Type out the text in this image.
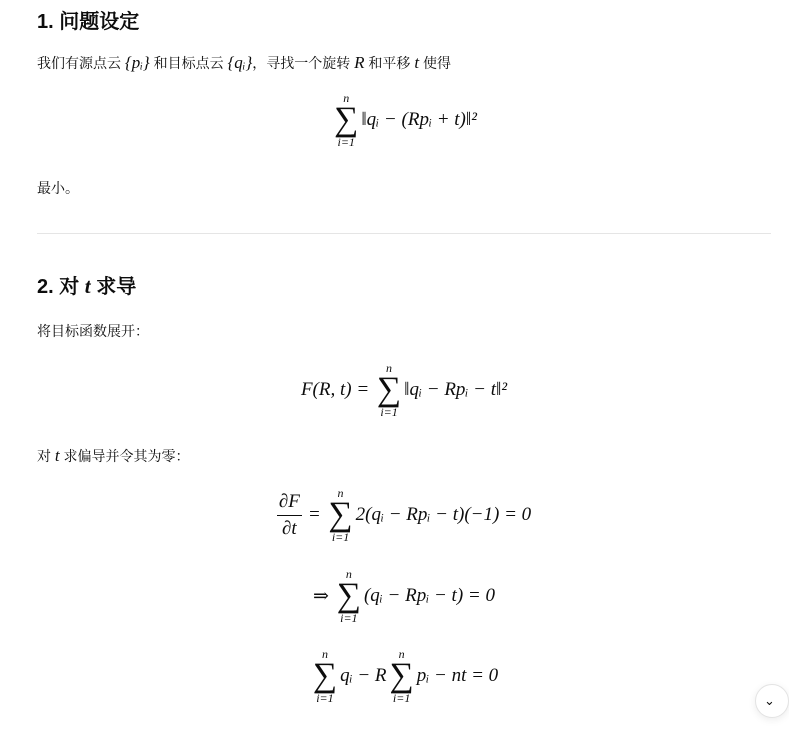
1. 问题设定
我们有源点云 {pᵢ} 和目标点云 {qᵢ}，寻找一个旋转 R 和平移 t 使得
n
∑
i=1
‖qᵢ − (Rpᵢ + t)‖²
最小。
2. 对 t 求导
将目标函数展开：
F(R, t) =
n
∑
i=1
‖qᵢ − Rpᵢ − t‖²
对 t 求偏导并令其为零：
$\frac{\partial F}{\partial t}$ =
n
∑
i=1
2(qᵢ − Rpᵢ − t)(−1) = 0
⇒
n
∑
i=1
(qᵢ − Rpᵢ − t) = 0
n
∑
i=1
qᵢ − R
n
∑
i=1
pᵢ − nt = 0
⌄
